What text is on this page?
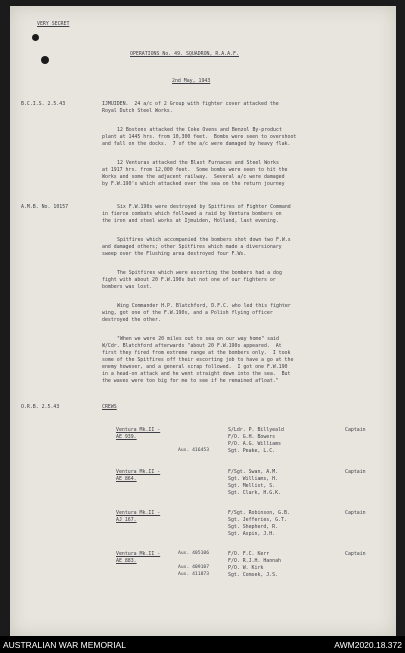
VERY SECRET
OPERATIONS No. 49. SQUADRON, R.A.A.F.
2nd May, 1943
B.C.I.S. 2.5.43	IJMUIDEN.  24 a/c of 2 Group with fighter cover attacked the
Royal Dutch Steel Works.
12 Bostons attacked the Coke Ovens and Benzol By-product
plant at 1445 hrs. from 10,300 feet.  Bombs were seen to overshoot
and fall on the docks.  7 of the a/c were damaged by heavy flak.
12 Venturas attacked the Blast Furnaces and Steel Works
at 1917 hrs. from 12,000 feet.  Some bombs were seen to hit the
Works and some the adjacent railway.  Several a/c were damaged
by F.W.190's which attacked over the sea on the return journey
A.M.B. No. 10157	Six F.W.190s were destroyed by Spitfires of Fighter Command
in fierce combats which followed a raid by Ventura bombers on
the iron and steel works at Ijmuiden, Holland, last evening.
Spitfires which accompanied the bombers shot down two F.W.s
and damaged others; other Spitfires which made a diversionary
sweep over the Flushing area destroyed four F.Ws.
The Spitfires which were escorting the bombers had a dog
fight with about 20 F.W.190s but not one of our fighters or
bombers was lost.
Wing Commander H.P. Blatchford, D.F.C. who led this fighter
wing, got one of the F.W.190s, and a Polish flying officer
destroyed the other.
"When we were 20 miles out to sea on our way home" said
W/Cdr. Blatchford afterwards "about 20 F.W.190s appeared.  At
first they fired from extreme range at the bombers only.  I took
some of the Spitfires off their escorting job to have a go at the
enemy however, and a general scrap followed.  I got one F.W.190
in a head-on attack and he went straight down into the sea.  But
the waves were too big for me to see if he remained afloat."
O.R.B. 2.5.43	CREWS
Ventura Mk.II -
AE 939.
S/Ldr. P. Billyeald	Captain
F/O. G.H. Bowers
P/O. A.G. Williams
Aus. 416453	Sgt. Peake, L.C.
Ventura Mk.II -
AE 864.
F/Sgt. Swan, A.M.	Captain
Sgt. Williams, H.
Sgt. Mellist, S.
Sgt. Clark, H.G.K.
Ventura Mk.II -
AJ 167.
F/Sgt. Robinson, G.B.	Captain
Sgt. Jefferies, G.T.
Sgt. Shepherd, R.
Sgt. Aspin, J.H.
Ventura Mk.II -
AE 883.
Aus. 405106	F/O. F.C. Kerr	Captain
F/O. R.J.H. Hannah
Aus. 409107	P/O. W. Kirk
Aus. 411873	Sgt. Comsek, J.S.
AUSTRALIAN WAR MEMORIAL	AWM2020.18.372
